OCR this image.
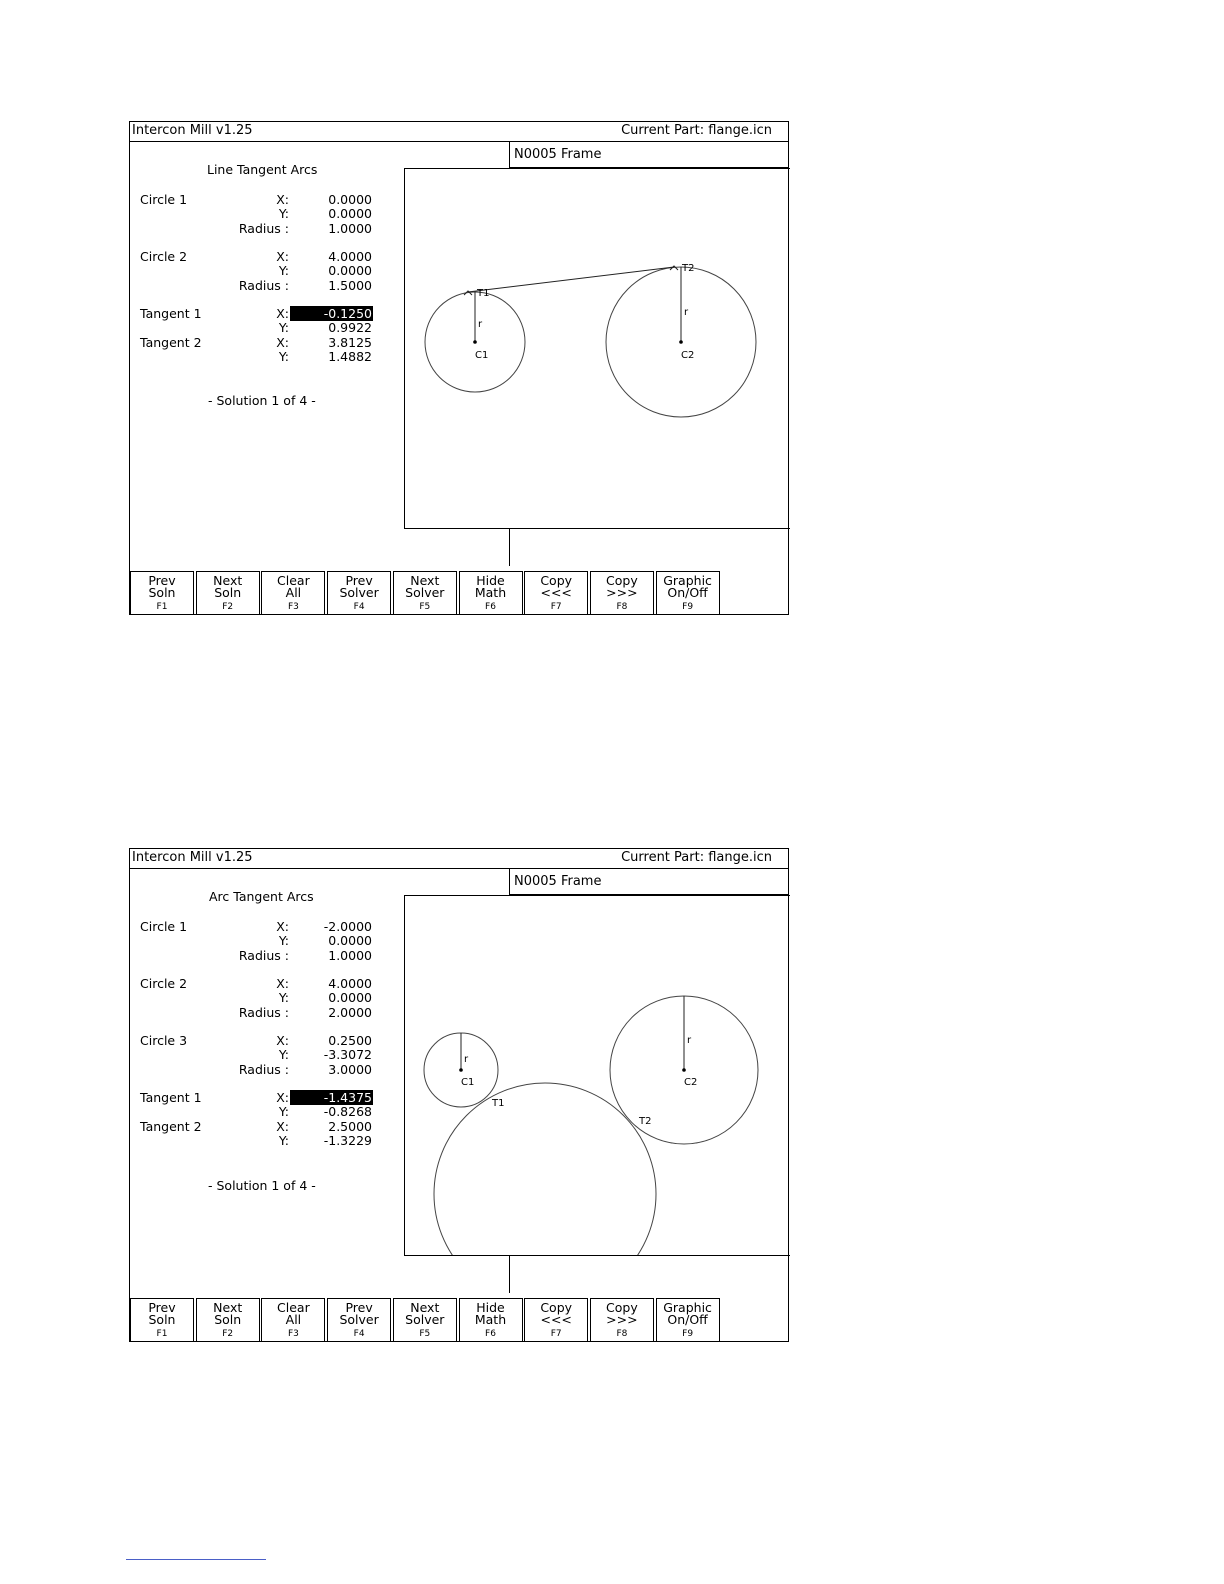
Intercon Mill v1.25	Current Part: flange.icn
N0005 Frame
Line Tangent Arcs
Circle 1	X:	0.0000
Y:	0.0000
Radius :	1.0000
Circle 2	X:	4.0000
Y:	0.0000
Radius :	1.5000
Tangent 1	X:	-0.1250
Y:	0.9922
Tangent 2	X:	3.8125
Y:	1.4882
- Solution 1 of 4 -
T1
T2
r
r
C1	C2
Prev
Soln
F1
Next
Soln
F2
Clear
All
F3
Prev
Solver
F4
Next
Solver
F5
Hide
Math
F6
Copy
<<<
F7
Copy
>>>
F8
Graphic
On/Off
F9
Intercon Mill v1.25	Current Part: flange.icn
N0005 Frame
Arc Tangent Arcs
Circle 1	X:	-2.0000
Y:	0.0000
Radius :	1.0000
Circle 2	X:	4.0000
Y:	0.0000
Radius :	2.0000
Circle 3	X:	0.2500
Y:	-3.3072
Radius :	3.0000
Tangent 1	X:	-1.4375
Y:	-0.8268
Tangent 2	X:	2.5000
Y:	-1.3229
- Solution 1 of 4 -
r
r
C1	C2
T1
T2
Prev
Soln
F1
Next
Soln
F2
Clear
All
F3
Prev
Solver
F4
Next
Solver
F5
Hide
Math
F6
Copy
<<<
F7
Copy
>>>
F8
Graphic
On/Off
F9
